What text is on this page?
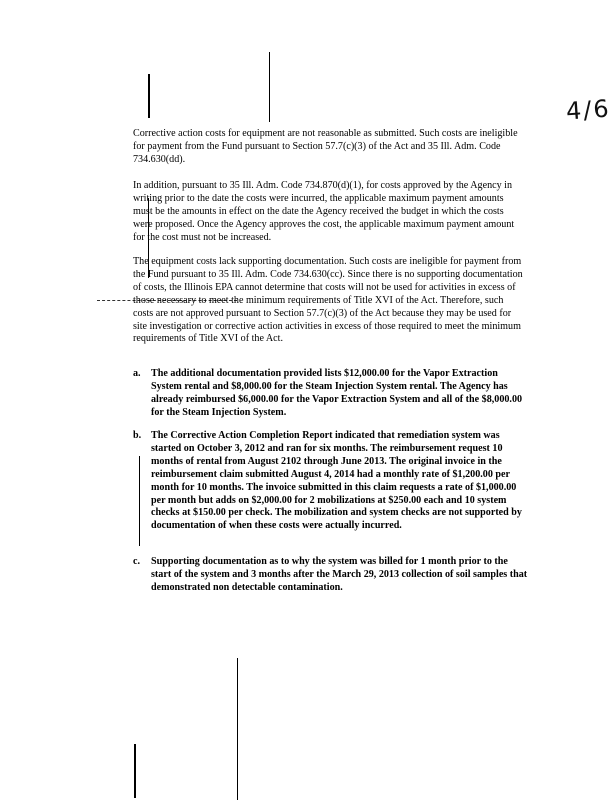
4/6

Corrective action costs for equipment are not reasonable as submitted. Such costs are ineligible for payment from the Fund pursuant to Section 57.7(c)(3) of the Act and 35 Ill. Adm. Code 734.630(dd).

In addition, pursuant to 35 Ill. Adm. Code 734.870(d)(1), for costs approved by the Agency in writing prior to the date the costs were incurred, the applicable maximum payment amounts must be the amounts in effect on the date the Agency received the budget in which the costs were proposed. Once the Agency approves the cost, the applicable maximum payment amount for the cost must not be increased.

The equipment costs lack supporting documentation. Such costs are ineligible for payment from the Fund pursuant to 35 Ill. Adm. Code 734.630(cc). Since there is no supporting documentation of costs, the Illinois EPA cannot determine that costs will not be used for activities in excess of those necessary to meet the minimum requirements of Title XVI of the Act. Therefore, such costs are not approved pursuant to Section 57.7(c)(3) of the Act because they may be used for site investigation or corrective action activities in excess of those required to meet the minimum requirements of Title XVI of the Act.

a.	The additional documentation provided lists $12,000.00 for the Vapor Extraction System rental and $8,000.00 for the Steam Injection System rental. The Agency has already reimbursed $6,000.00 for the Vapor Extraction System and all of the $8,000.00 for the Steam Injection System.
b. The Corrective Action Completion Report indicated that remediation system was started on October 3, 2012 and ran for six months. The reimbursement request 10 months of rental from August 2102 through June 2013. The original invoice in the reimbursement claim submitted August 4, 2014 had a monthly rate of $1,200.00 per month for 10 months. The invoice submitted in this claim requests a rate of $1,000.00 per month but adds on $2,000.00 for 2 mobilizations at $250.00 each and 10 system checks at $150.00 per check. The mobilization and system checks are not supported by documentation of when these costs were actually incurred.
c.	Supporting documentation as to why the system was billed for 1 month prior to the start of the system and 3 months after the March 29, 2013 collection of soil samples that demonstrated non detectable contamination.
